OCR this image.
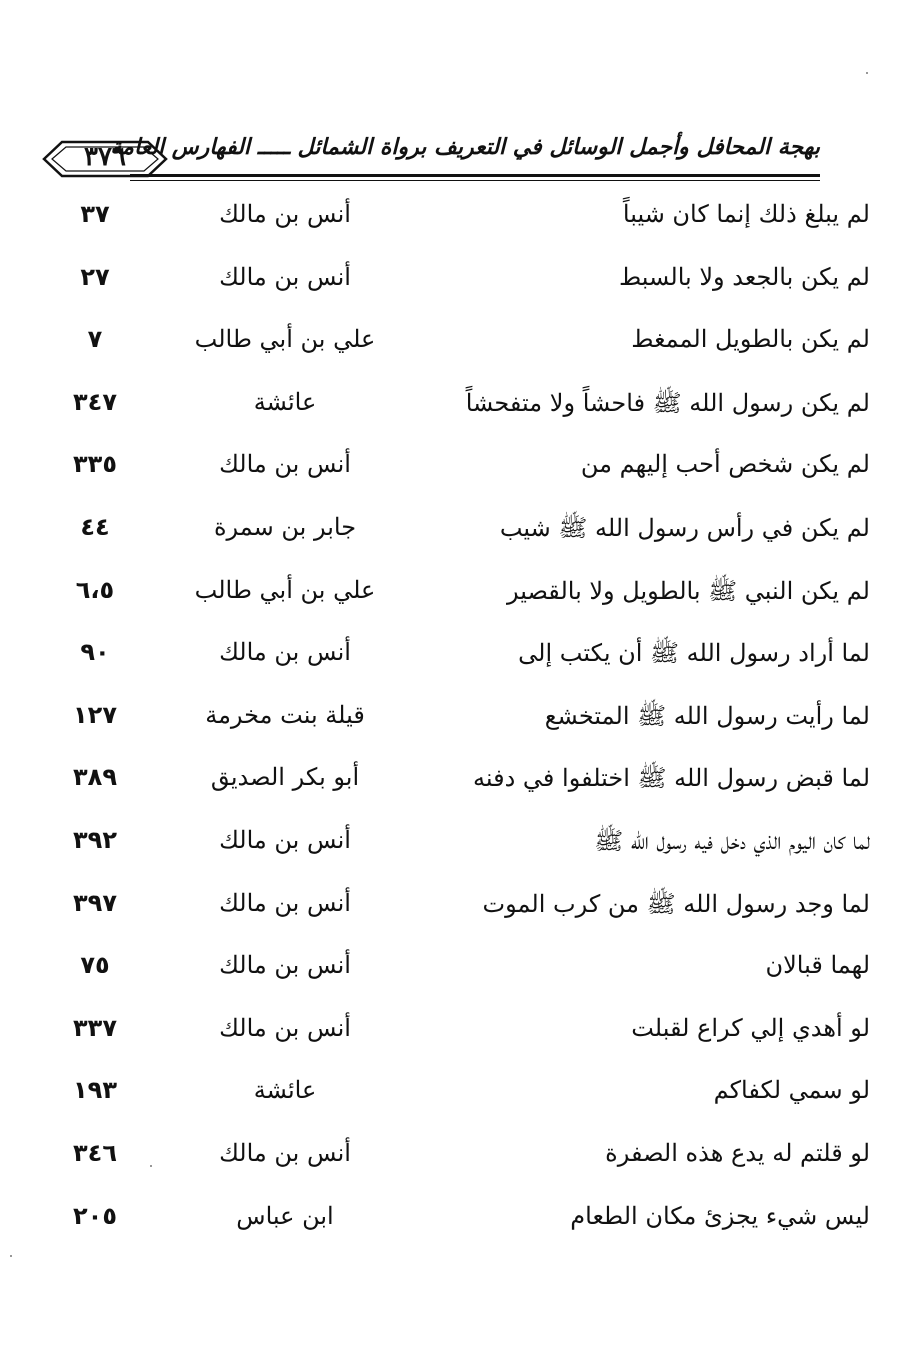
بهجة المحافل وأجمل الوسائل في التعريف برواة الشمائل ـــــ الفهارس العامة
٣٧٦
لم يبلغ ذلك إنما كان شيباً
أنس بن مالك
٣٧
لم يكن بالجعد ولا بالسبط
أنس بن مالك
٢٧
لم يكن بالطويل الممغط
علي بن أبي طالب
٧
لم يكن رسول الله ﷺ فاحشاً ولا متفحشاً
عائشة
٣٤٧
لم يكن شخص أحب إليهم من
أنس بن مالك
٣٣٥
لم يكن في رأس رسول الله ﷺ شيب
جابر بن سمرة
٤٤
لم يكن النبي ﷺ بالطويل ولا بالقصير
علي بن أبي طالب
٦،٥
لما أراد رسول الله ﷺ أن يكتب إلى
أنس بن مالك
٩٠
لما رأيت رسول الله ﷺ المتخشع
قيلة بنت مخرمة
١٢٧
لما قبض رسول الله ﷺ اختلفوا في دفنه
أبو بكر الصديق
٣٨٩
لما كان اليوم الذي دخل فيه رسول الله ﷺ
أنس بن مالك
٣٩٢
لما وجد رسول الله ﷺ من كرب الموت
أنس بن مالك
٣٩٧
لهما قبالان
أنس بن مالك
٧٥
لو أهدي إلي كراع لقبلت
أنس بن مالك
٣٣٧
لو سمي لكفاكم
عائشة
١٩٣
لو قلتم له يدع هذه الصفرة
أنس بن مالك
٣٤٦
ليس شيء يجزئ مكان الطعام
ابن عباس
٢٠٥
